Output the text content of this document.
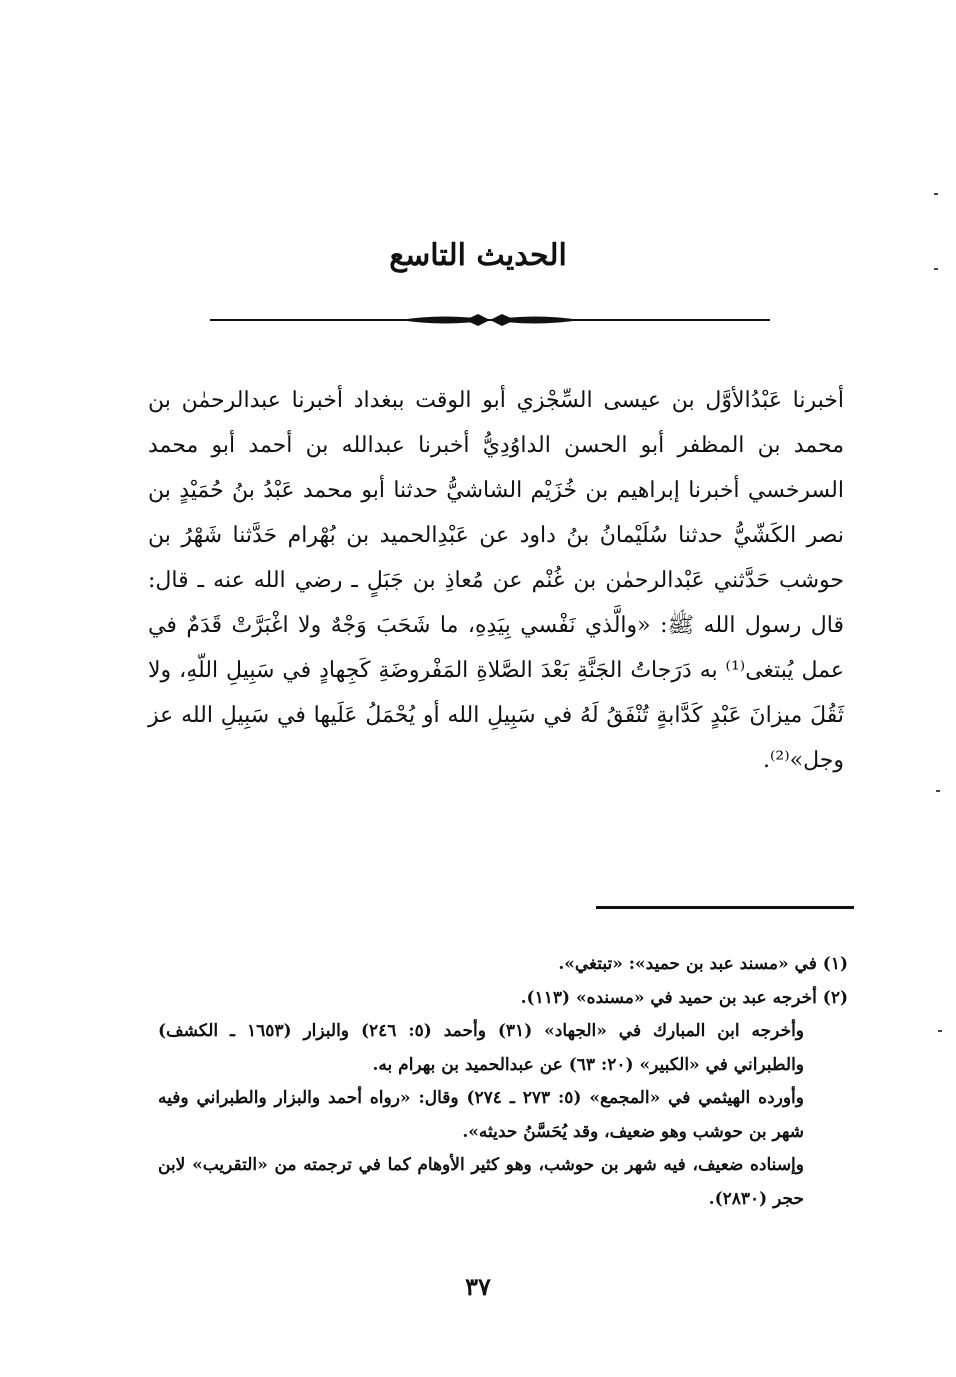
الحديث التاسع

أخبرنا عَبْدُالأوَّل بن عيسى السِّجْزي أبو الوقت ببغداد أخبرنا عبدالرحمٰن بن محمد بن المظفر أبو الحسن الداوُدِيُّ أخبرنا عبدالله بن أحمد أبو محمد السرخسي أخبرنا إبراهيم بن خُزَيْم الشاشيُّ حدثنا أبو محمد عَبْدُ بنُ حُمَيْدٍ بن نصر الكَشّيُّ حدثنا سُلَيْمانُ بنُ داود عن عَبْدِالحميد بن بُهْرام حَدَّثنا شَهْرُ بن حوشب حَدَّثني عَبْدالرحمٰن بن غُنْم عن مُعاذِ بن جَبَلٍ ـ رضي الله عنه ـ قال: قال رسول الله ﷺ: «والَّذي نَفْسي بِيَدِهِ، ما شَحَبَ وَجْهٌ ولا اغْبَرَّتْ قَدَمٌ في عمل يُبتغى⁽¹⁾ به دَرَجاتُ الجَنَّةِ بَعْدَ الصَّلاةِ المَفْروضَةِ كَجِهادٍ في سَبِيلِ اللّهِ، ولا ثَقُلَ ميزانَ عَبْدٍ كَدَّابةٍ تُنْفَقُ لَهُ في سَبِيلِ الله أو يُحْمَلُ عَلَيها في سَبِيلِ الله عز وجل»⁽²⁾.

(١) في «مسند عبد بن حميد»: «تبتغي».

(٢) أخرجه عبد بن حميد في «مسنده» (١١٣).

وأخرجه ابن المبارك في «الجهاد» (٣١) وأحمد (٥: ٢٤٦) والبزار (١٦٥٣ ـ الكشف) والطبراني في «الكبير» (٢٠: ٦٣) عن عبدالحميد بن بهرام به.

وأورده الهيثمي في «المجمع» (٥: ٢٧٣ ـ ٢٧٤) وقال: «رواه أحمد والبزار والطبراني وفيه شهر بن حوشب وهو ضعيف، وقد يُحَسَّنُ حديثه».

وإسناده ضعيف، فيه شهر بن حوشب، وهو كثير الأوهام كما في ترجمته من «التقريب» لابن حجر (٢٨٣٠).

٣٧
